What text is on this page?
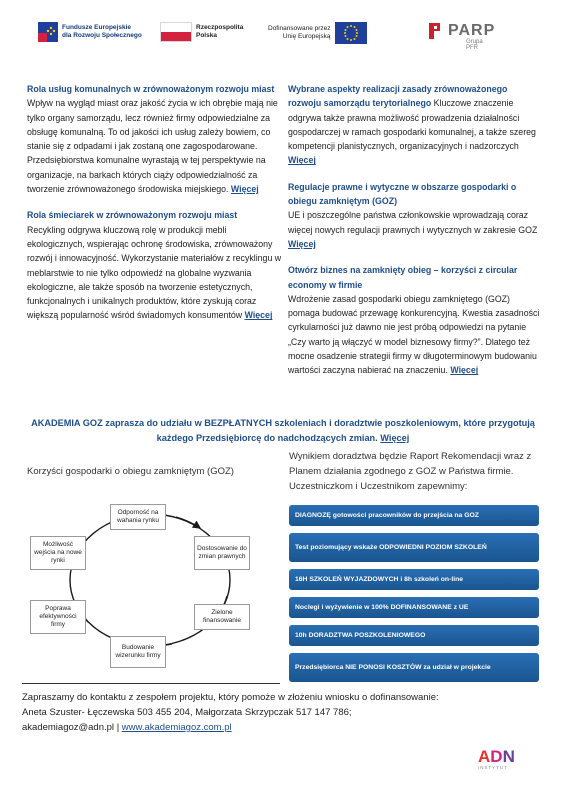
Fundusze Europejskie
dla Rozwoju Społecznego
Rzeczpospolita
Polska
Dofinansowane przez
Unię Europejską	PARP
Grupa PFR
Rola usług komunalnych w zrównoważonym rozwoju miast
Wpływ na wygląd miast oraz jakość życia w ich obrębie mają nie tylko organy samorządu, lecz również firmy odpowiedzialne za obsługę komunalną. To od jakości ich usług zależy bowiem, co stanie się z odpadami i jak zostaną one zagospodarowane. Przedsiębiorstwa komunalne wyrastają w tej perspektywie na organizacje, na barkach których ciąży odpowiedzialność za tworzenie zrównoważonego środowiska miejskiego. Więcej
Rola śmieciarek w zrównoważonym rozwoju miast
Recykling odgrywa kluczową rolę w produkcji mebli ekologicznych, wspierając ochronę środowiska, zrównoważony rozwój i innowacyjność. Wykorzystanie materiałów z recyklingu w meblarstwie to nie tylko odpowiedź na globalne wyzwania ekologiczne, ale także sposób na tworzenie estetycznych, funkcjonalnych i unikalnych produktów, które zyskują coraz większą popularność wśród świadomych konsumentów Więcej
Wybrane aspekty realizacji zasady zrównoważonego rozwoju samorządu terytorialnego Kluczowe znaczenie odgrywa także prawna możliwość prowadzenia działalności gospodarczej w ramach gospodarki komunalnej, a także szereg kompetencji planistycznych, organizacyjnych i nadzorczych Więcej
Regulacje prawne i wytyczne w obszarze gospodarki o obiegu zamkniętym (GOZ)
UE i poszczególne państwa członkowskie wprowadzają coraz więcej nowych regulacji prawnych i wytycznych w zakresie GOZ Więcej
Otwórz biznes na zamknięty obieg – korzyści z circular economy w firmie
Wdrożenie zasad gospodarki obiegu zamkniętego (GOZ) pomaga budować przewagę konkurencyjną. Kwestia zasadności cyrkularności już dawno nie jest próbą odpowiedzi na pytanie „Czy warto ją włączyć w model biznesowy firmy?”. Dlatego też mocne osadzenie strategii firmy w długoterminowym budowaniu wartości zaczyna nabierać na znaczeniu. Więcej
AKADEMIA GOZ zaprasza do udziału w BEZPŁATNYCH szkoleniach i doradztwie poszkoleniowym, które przygotują każdego Przedsiębiorcę do nadchodzących zmian. Więcej
Korzyści gospodarki o obiegu zamkniętym (GOZ)
Odporność na wahania rynku
Dostosowanie do zmian prawnych
Zielone finansowanie
Budowanie wizerunku firmy
Poprawa efektywności firmy
Możliwość wejścia na nowe rynki
Wynikiem doradztwa będzie Raport Rekomendacji wraz z Planem działania zgodnego z GOZ w Państwa firmie. Uczestniczkom i Uczestnikom zapewnimy:
DIAGNOZĘ gotowości pracowników do przejścia na GOZ
Test poziomujący wskaże ODPOWIEDNI POZIOM SZKOLEŃ
16H SZKOLEŃ WYJAZDOWYCH i 8h szkoleń on-line
Noclegi i wyżywienie w 100% DOFINANSOWANE z UE
10h DORADZTWA POSZKOLENIOWEGO
Przedsiębiorca NIE PONOSI KOSZTÓW za udział w projekcie
Zapraszamy do kontaktu z zespołem projektu, który pomoże w złożeniu wniosku o dofinansowanie:
Aneta Szuster- Łęczewska 503 455 204, Małgorzata Skrzypczak 517 147 786;
akademiagoz@adn.pl | www.akademiagoz.com.pl
ADN
INSTYTUT
